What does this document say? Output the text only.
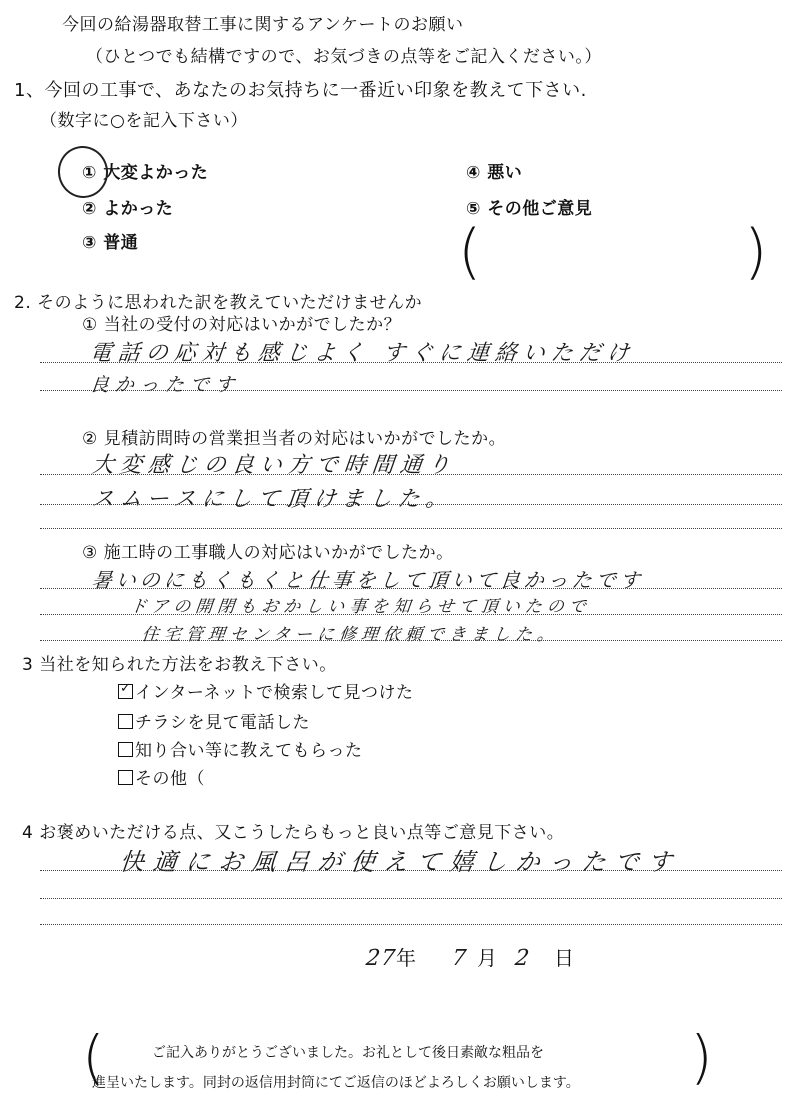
今回の給湯器取替工事に関するアンケートのお願い
（ひとつでも結構ですので、お気づきの点等をご記入ください。）
1、今回の工事で、あなたのお気持ちに一番近い印象を教えて下さい.
（数字に○を記入下さい）
① 大変よかった
② よかった
③ 普通
④ 悪い
⑤ その他ご意見
(	)
2. そのように思われた訳を教えていただけませんか
① 当社の受付の対応はいかがでしたか？
電話の応対も感じよく すぐに連絡いただけ
良かったです
② 見積訪問時の営業担当者の対応はいかがでしたか。
大変感じの良い方で時間通り
スムースにして頂けました。
③ 施工時の工事職人の対応はいかがでしたか。
暑いのにもくもくと仕事をして頂いて良かったです
ドアの開閉もおかしい事を知らせて頂いたので
住宅管理センターに修理依頼できました。
3 当社を知られた方法をお教え下さい。
✓ インターネットで検索して見つけた
チラシを見て電話した
知り合い等に教えてもらった
その他（
4 お褒めいただける点、又こうしたらもっと良い点等ご意見下さい。
快適にお風呂が使えて嬉しかったです
27年 7 月 2 日
(	)
ご記入ありがとうございました。お礼として後日素敵な粗品を
進呈いたします。同封の返信用封筒にてご返信のほどよろしくお願いします。
